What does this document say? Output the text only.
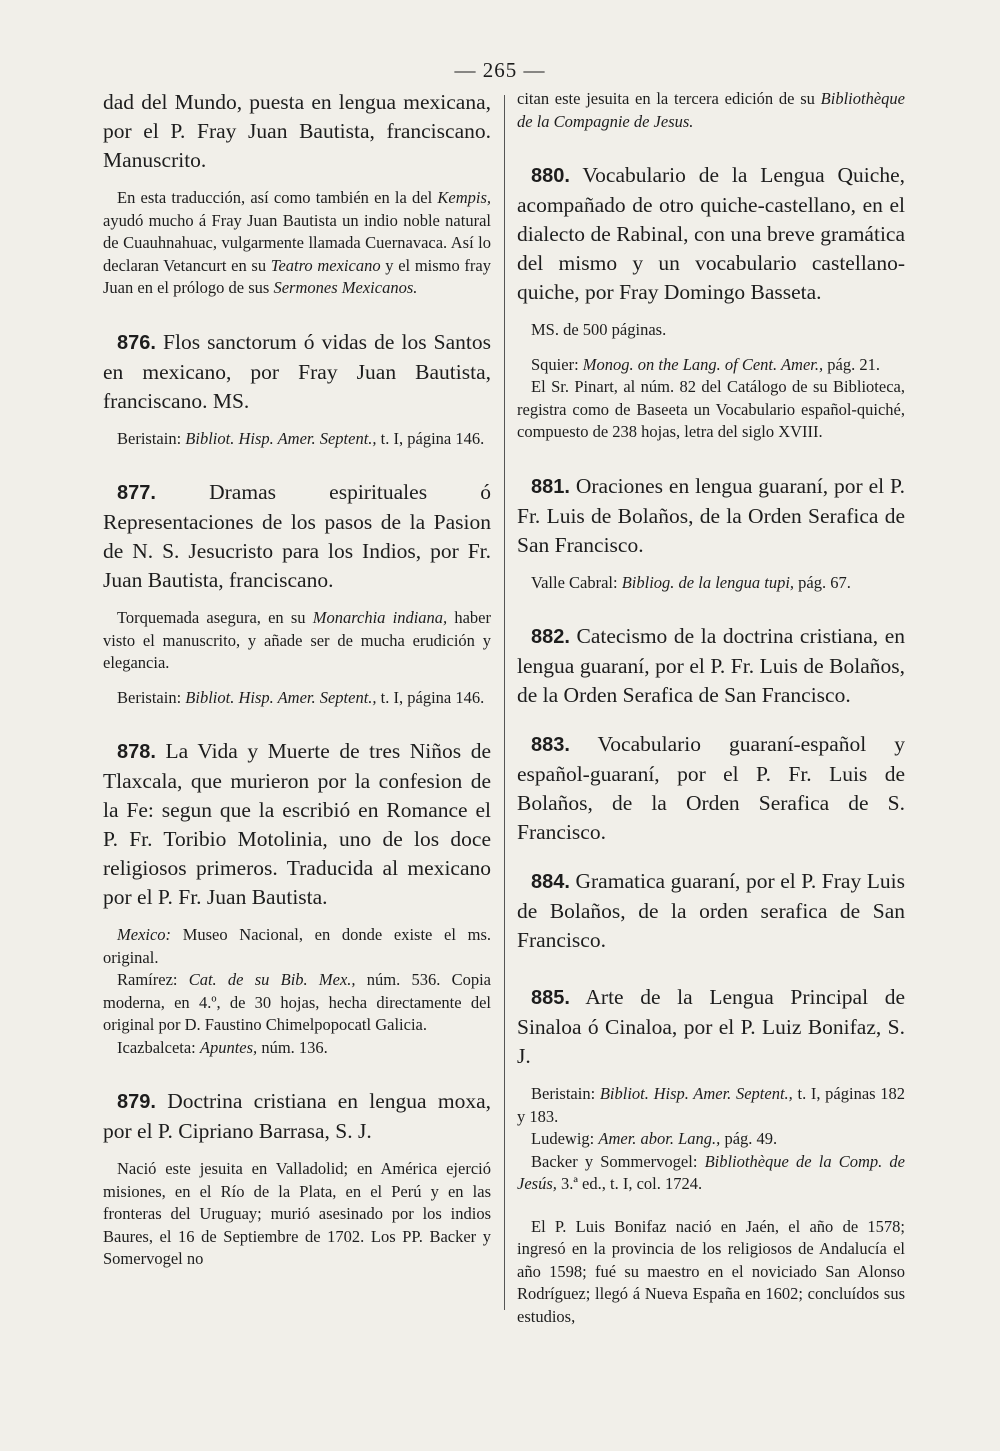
— 265 —

dad del Mundo, puesta en lengua mexicana, por el P. Fray Juan Bautista, franciscano. Manuscrito.

En esta traducción, así como también en la del Kempis, ayudó mucho á Fray Juan Bautista un indio noble natural de Cuauhnahuac, vulgarmente llamada Cuernavaca. Así lo declaran Vetancurt en su Teatro mexicano y el mismo fray Juan en el prólogo de sus Sermones Mexicanos.

876. Flos sanctorum ó vidas de los Santos en mexicano, por Fray Juan Bautista, franciscano. MS.

Beristain: Bibliot. Hisp. Amer. Septent., t. I, página 146.

877. Dramas espirituales ó Representaciones de los pasos de la Pasion de N. S. Jesucristo para los Indios, por Fr. Juan Bautista, franciscano.

Torquemada asegura, en su Monarchia indiana, haber visto el manuscrito, y añade ser de mucha erudición y elegancia.

Beristain: Bibliot. Hisp. Amer. Septent., t. I, página 146.

878. La Vida y Muerte de tres Niños de Tlaxcala, que murieron por la confesion de la Fe: segun que la escribió en Romance el P. Fr. Toribio Motolinia, uno de los doce religiosos primeros. Traducida al mexicano por el P. Fr. Juan Bautista.

Mexico: Museo Nacional, en donde existe el ms. original.

Ramírez: Cat. de su Bib. Mex., núm. 536. Copia moderna, en 4.º, de 30 hojas, hecha directamente del original por D. Faustino Chimelpopocatl Galicia.

Icazbalceta: Apuntes, núm. 136.

879. Doctrina cristiana en lengua moxa, por el P. Cipriano Barrasa, S. J.

Nació este jesuita en Valladolid; en América ejerció misiones, en el Río de la Plata, en el Perú y en las fronteras del Uruguay; murió asesinado por los indios Baures, el 16 de Septiembre de 1702. Los PP. Backer y Somervogel no

citan este jesuita en la tercera edición de su Bibliothèque de la Compagnie de Jesus.

880. Vocabulario de la Lengua Quiche, acompañado de otro quiche-castellano, en el dialecto de Rabinal, con una breve gramática del mismo y un vocabulario castellano-quiche, por Fray Domingo Basseta.

MS. de 500 páginas.

Squier: Monog. on the Lang. of Cent. Amer., pág. 21.

El Sr. Pinart, al núm. 82 del Catálogo de su Biblioteca, registra como de Baseeta un Vocabulario español-quiché, compuesto de 238 hojas, letra del siglo XVIII.

881. Oraciones en lengua guaraní, por el P. Fr. Luis de Bolaños, de la Orden Serafica de San Francisco.

Valle Cabral: Bibliog. de la lengua tupi, pág. 67.

882. Catecismo de la doctrina cristiana, en lengua guaraní, por el P. Fr. Luis de Bolaños, de la Orden Serafica de San Francisco.

883. Vocabulario guaraní-español y español-guaraní, por el P. Fr. Luis de Bolaños, de la Orden Serafica de S. Francisco.

884. Gramatica guaraní, por el P. Fray Luis de Bolaños, de la orden serafica de San Francisco.

885. Arte de la Lengua Principal de Sinaloa ó Cinaloa, por el P. Luiz Bonifaz, S. J.

Beristain: Bibliot. Hisp. Amer. Septent., t. I, páginas 182 y 183.

Ludewig: Amer. abor. Lang., pág. 49.

Backer y Sommervogel: Bibliothèque de la Comp. de Jesús, 3.ª ed., t. I, col. 1724.

El P. Luis Bonifaz nació en Jaén, el año de 1578; ingresó en la provincia de los religiosos de Andalucía el año 1598; fué su maestro en el noviciado San Alonso Rodríguez; llegó á Nueva España en 1602; concluídos sus estudios,
